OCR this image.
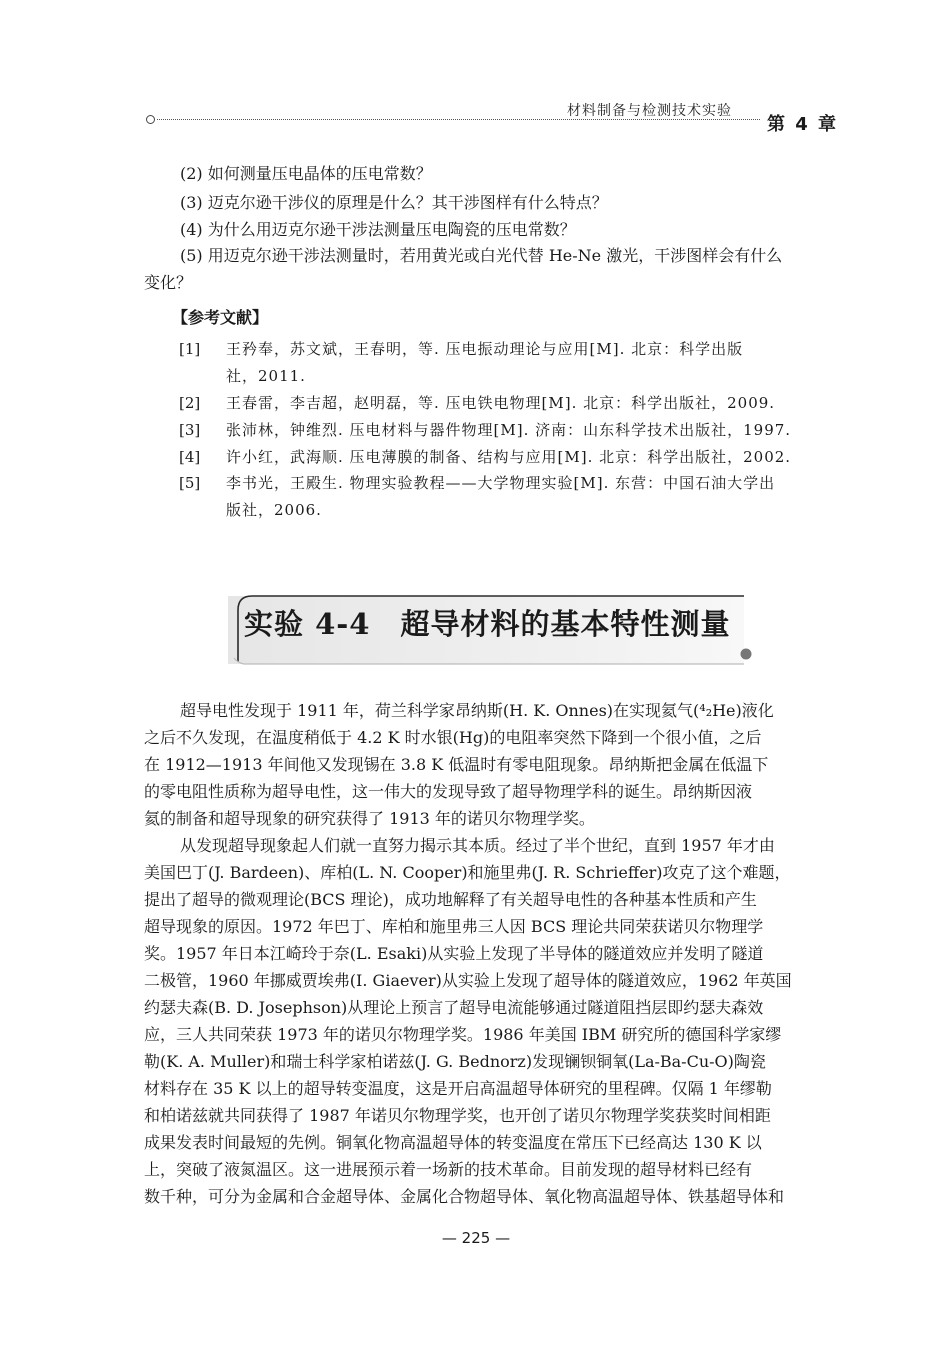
材料制备与检测技术实验
第 4 章
(2) 如何测量压电晶体的压电常数？
(3) 迈克尔逊干涉仪的原理是什么？其干涉图样有什么特点？
(4) 为什么用迈克尔逊干涉法测量压电陶瓷的压电常数？
(5) 用迈克尔逊干涉法测量时，若用黄光或白光代替 He-Ne 激光，干涉图样会有什么
变化？
【参考文献】
[1] 王矜奉，苏文斌，王春明，等. 压电振动理论与应用[M]. 北京：科学出版
社，2011.
[2] 王春雷，李吉超，赵明磊，等. 压电铁电物理[M]. 北京：科学出版社，2009.
[3] 张沛林，钟维烈. 压电材料与器件物理[M]. 济南：山东科学技术出版社，1997.
[4] 许小红，武海顺. 压电薄膜的制备、结构与应用[M]. 北京：科学出版社，2002.
[5] 李书光，王殿生. 物理实验教程——大学物理实验[M]. 东营：中国石油大学出
版社，2006.
实验 4-4 超导材料的基本特性测量
超导电性发现于 1911 年，荷兰科学家昂纳斯(H. K. Onnes)在实现氦气(⁴₂He)液化
之后不久发现，在温度稍低于 4.2 K 时水银(Hg)的电阻率突然下降到一个很小值，之后
在 1912—1913 年间他又发现锡在 3.8 K 低温时有零电阻现象。昂纳斯把金属在低温下
的零电阻性质称为超导电性，这一伟大的发现导致了超导物理学科的诞生。昂纳斯因液
氦的制备和超导现象的研究获得了 1913 年的诺贝尔物理学奖。
从发现超导现象起人们就一直努力揭示其本质。经过了半个世纪，直到 1957 年才由
美国巴丁(J. Bardeen)、库柏(L. N. Cooper)和施里弗(J. R. Schrieffer)攻克了这个难题，
提出了超导的微观理论(BCS 理论)，成功地解释了有关超导电性的各种基本性质和产生
超导现象的原因。1972 年巴丁、库柏和施里弗三人因 BCS 理论共同荣获诺贝尔物理学
奖。1957 年日本江崎玲于奈(L. Esaki)从实验上发现了半导体的隧道效应并发明了隧道
二极管，1960 年挪威贾埃弗(I. Giaever)从实验上发现了超导体的隧道效应，1962 年英国
约瑟夫森(B. D. Josephson)从理论上预言了超导电流能够通过隧道阻挡层即约瑟夫森效
应，三人共同荣获 1973 年的诺贝尔物理学奖。1986 年美国 IBM 研究所的德国科学家缪
勒(K. A. Muller)和瑞士科学家柏诺兹(J. G. Bednorz)发现镧钡铜氧(La-Ba-Cu-O)陶瓷
材料存在 35 K 以上的超导转变温度，这是开启高温超导体研究的里程碑。仅隔 1 年缪勒
和柏诺兹就共同获得了 1987 年诺贝尔物理学奖，也开创了诺贝尔物理学奖获奖时间相距
成果发表时间最短的先例。铜氧化物高温超导体的转变温度在常压下已经高达 130 K 以
上，突破了液氮温区。这一进展预示着一场新的技术革命。目前发现的超导材料已经有
数千种，可分为金属和合金超导体、金属化合物超导体、氧化物高温超导体、铁基超导体和
— 225 —
